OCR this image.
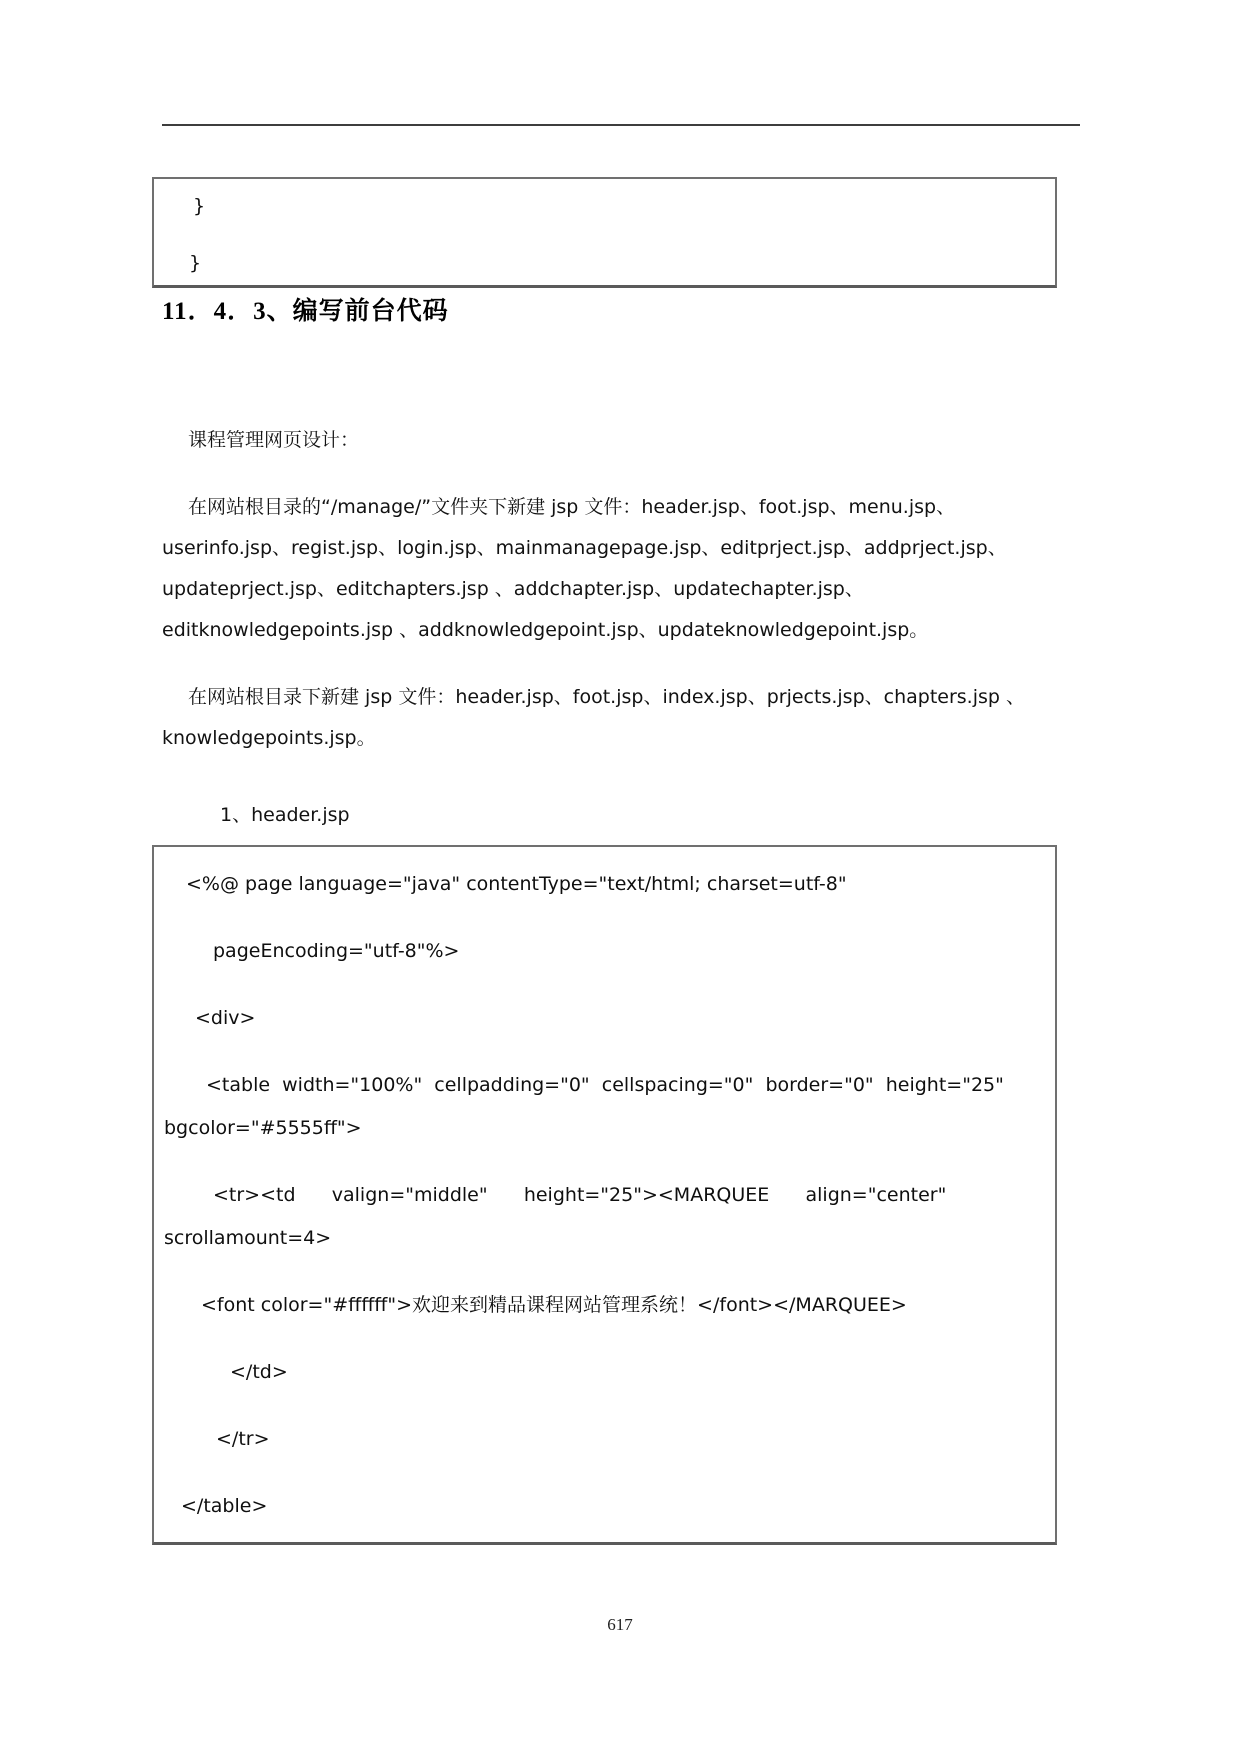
}
}
11．4．3、编写前台代码
课程管理网页设计：
在网站根目录的“/manage/”文件夹下新建 jsp 文件：header.jsp、foot.jsp、menu.jsp、
userinfo.jsp、regist.jsp、login.jsp、mainmanagepage.jsp、editprject.jsp、addprject.jsp、
updateprject.jsp、editchapters.jsp 、addchapter.jsp、updatechapter.jsp、
editknowledgepoints.jsp 、addknowledgepoint.jsp、updateknowledgepoint.jsp。
在网站根目录下新建 jsp 文件：header.jsp、foot.jsp、index.jsp、prjects.jsp、chapters.jsp 、
knowledgepoints.jsp。
1、header.jsp
<%@ page language="java" contentType="text/html; charset=utf-8"
pageEncoding="utf-8"%>
<div>
<table  width="100%"  cellpadding="0"  cellspacing="0"  border="0"  height="25"
bgcolor="#5555ff">
<tr><td      valign="middle"      height="25"><MARQUEE      align="center"
scrollamount=4>
<font color="#ffffff">欢迎来到精品课程网站管理系统！</font></MARQUEE>
</td>
</tr>
</table>
617
